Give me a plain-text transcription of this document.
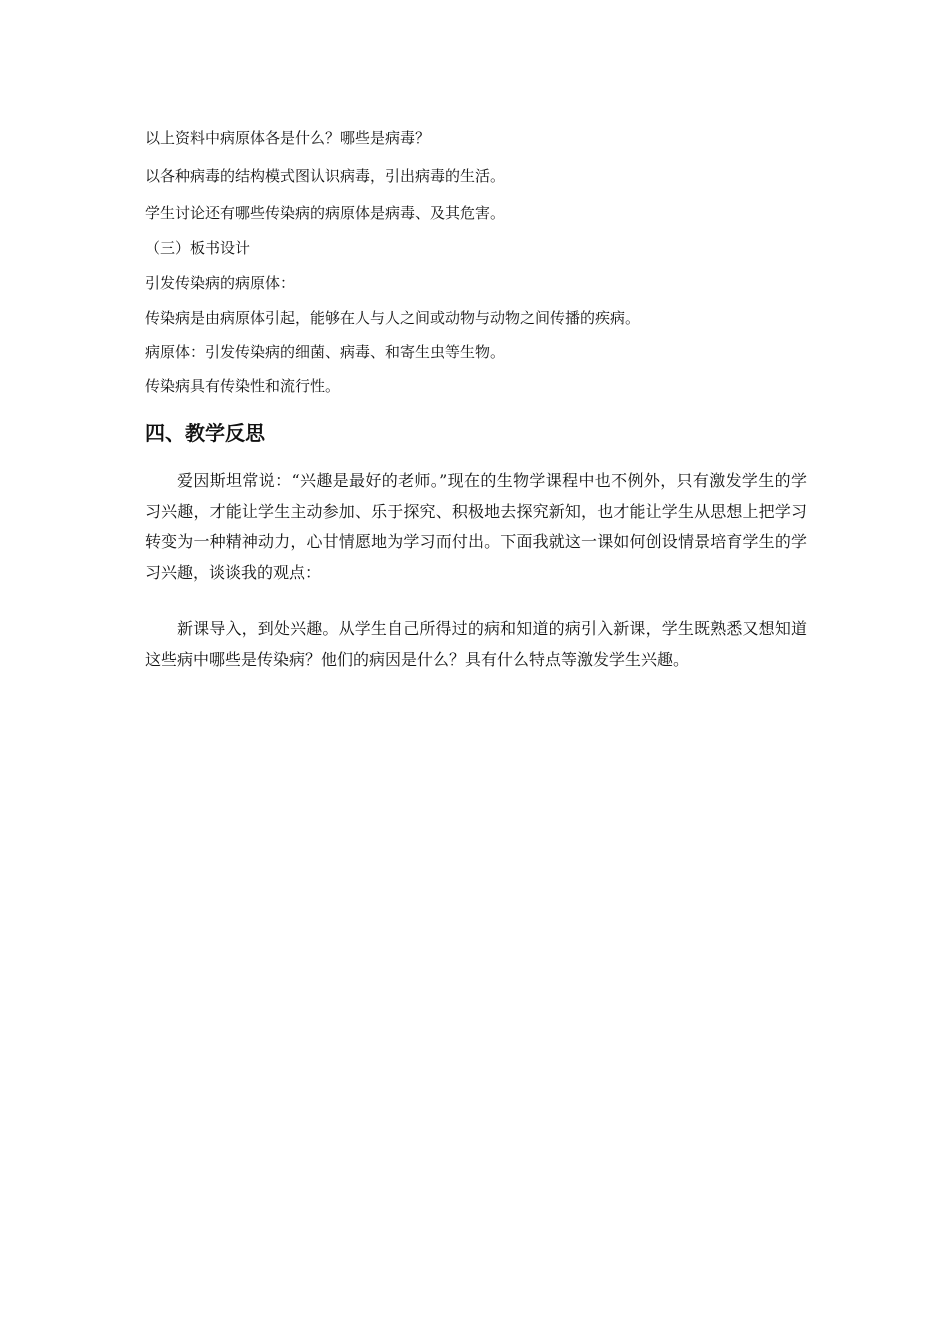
以上资料中病原体各是什么？哪些是病毒？
以各种病毒的结构模式图认识病毒，引出病毒的生活。
学生讨论还有哪些传染病的病原体是病毒、及其危害。
（三）板书设计
引发传染病的病原体：
传染病是由病原体引起，能够在人与人之间或动物与动物之间传播的疾病。
病原体：引发传染病的细菌、病毒、和寄生虫等生物。
传染病具有传染性和流行性。
四、教学反思

爱因斯坦常说：“兴趣是最好的老师。”现在的生物学课程中也不例外，只有激发学生的学习兴趣，才能让学生主动参加、乐于探究、积极地去探究新知，也才能让学生从思想上把学习转变为一种精神动力，心甘情愿地为学习而付出。下面我就这一课如何创设情景培育学生的学习兴趣，谈谈我的观点：

新课导入，到处兴趣。从学生自己所得过的病和知道的病引入新课，学生既熟悉又想知道这些病中哪些是传染病？他们的病因是什么？具有什么特点等激发学生兴趣。
